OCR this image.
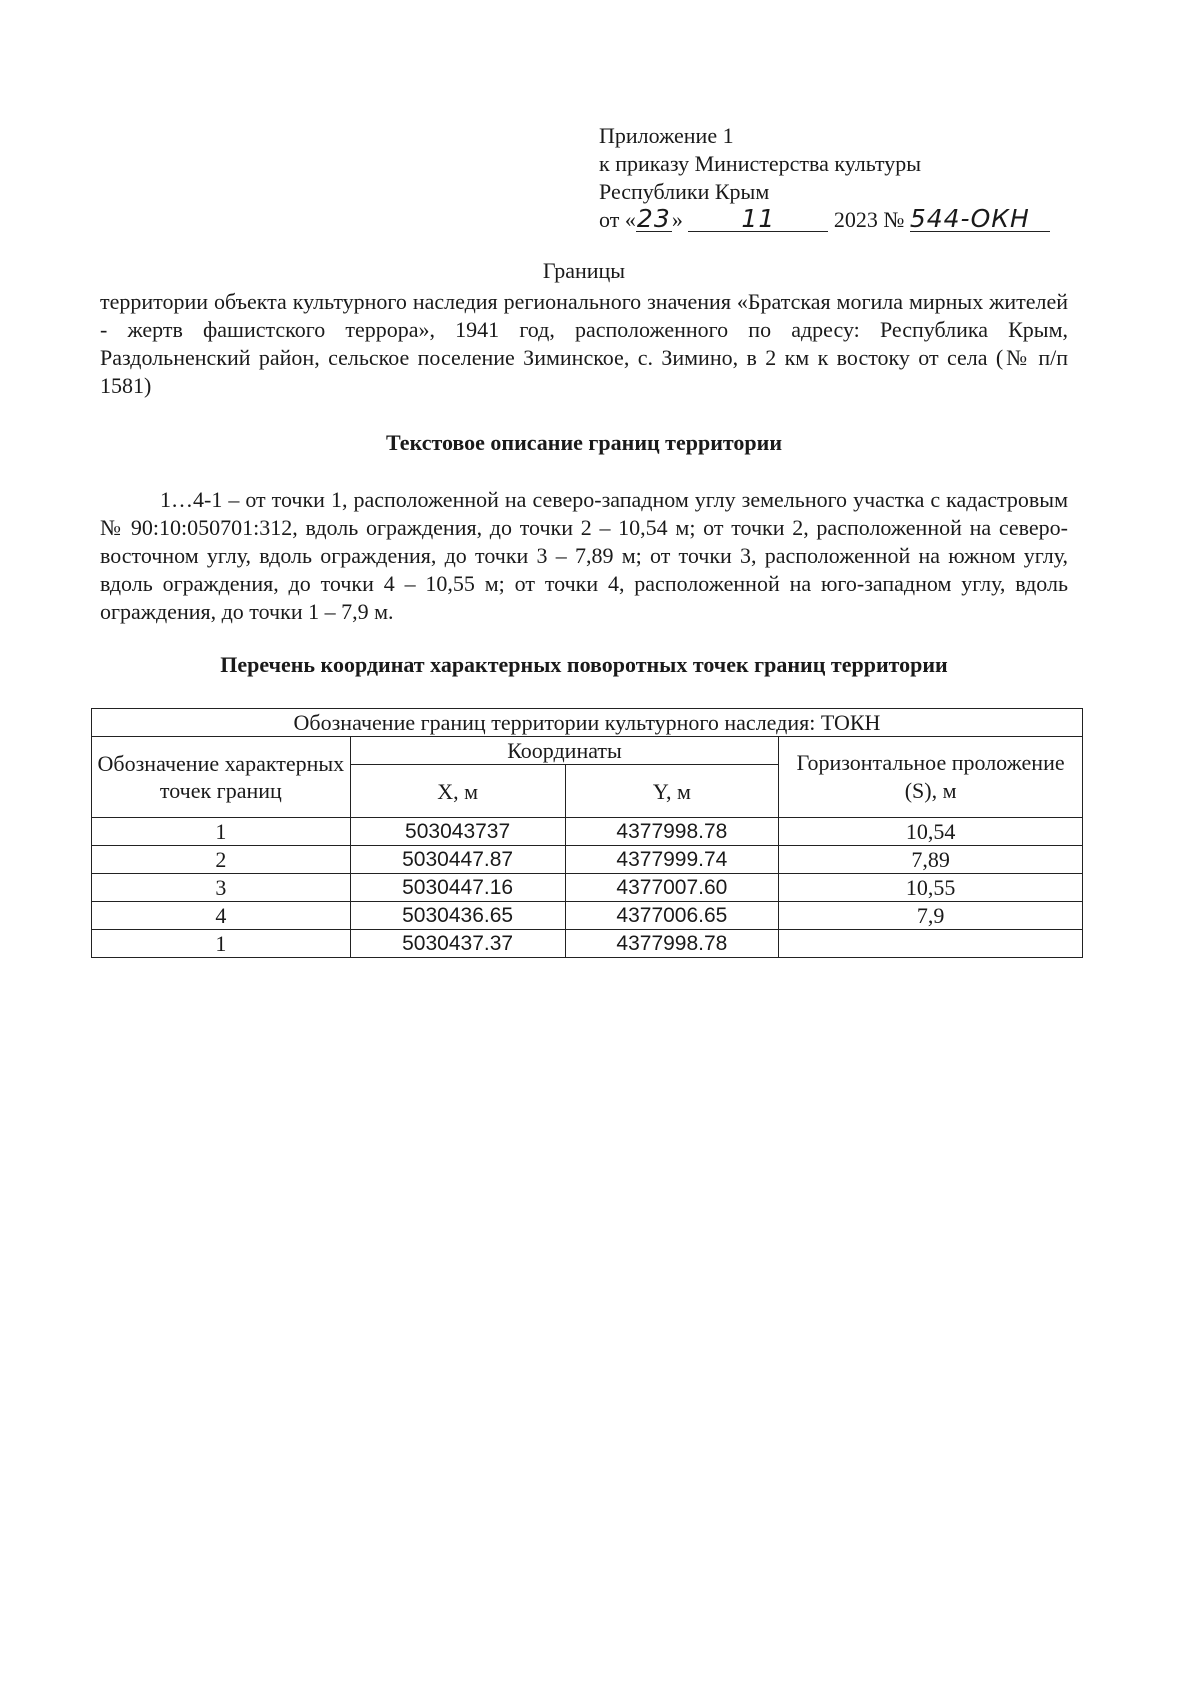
Приложение 1
к приказу Министерства культуры
Республики Крым
от «23» 11	2023 № 544-ОКН
Границы
территории объекта культурного наследия регионального значения «Братская могила мирных жителей - жертв фашистского террора», 1941 год, расположенного по адресу: Республика Крым, Раздольненский район, сельское поселение Зиминское, с. Зимино, в 2 км к востоку от села (№ п/п 1581)
Текстовое описание границ территории
1…4-1 – от точки 1, расположенной на северо-западном углу земельного участка с кадастровым № 90:10:050701:312, вдоль ограждения, до точки 2 – 10,54 м; от точки 2, расположенной на северо-восточном углу, вдоль ограждения, до точки 3 – 7,89 м; от точки 3, расположенной на южном углу, вдоль ограждения, до точки 4 – 10,55 м; от точки 4, расположенной на юго-западном углу, вдоль ограждения, до точки 1 – 7,9 м.
Перечень координат характерных поворотных точек границ территории
Обозначение границ территории культурного наследия: ТОКН			
Обозначение характерных точек границ	Координаты		Горизонтальное проложение (S), м
	X, м	Y, м	
1	503043737	4377998.78	10,54
2	5030447.87	4377999.74	7,89
3	5030447.16	4377007.60	10,55
4	5030436.65	4377006.65	7,9
1	5030437.37	4377998.78	
